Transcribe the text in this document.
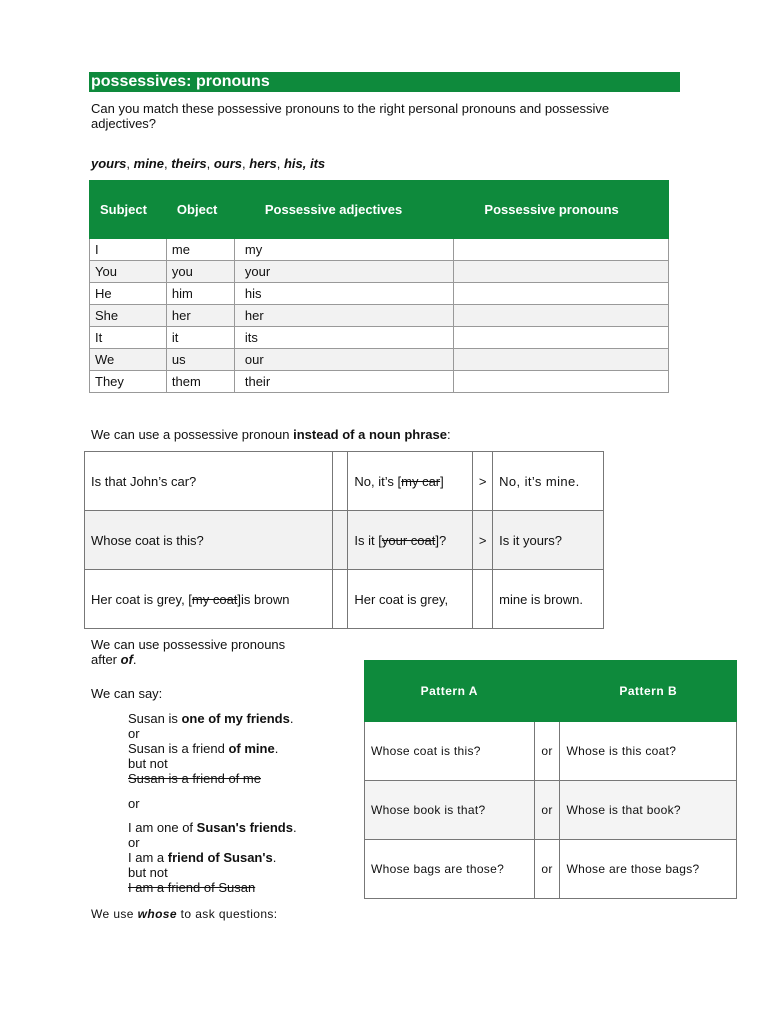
possessives: pronouns
Can you match these possessive pronouns to the right personal pronouns and possessive adjectives?
yours, mine, theirs, ours, hers, his, its
Subject	Object	Possessive adjectives	Possessive pronouns
I	me	my	
You	you	your	
He	him	his	
She	her	her	
It	it	its	
We	us	our	
They	them	their	
We can use a possessive pronoun instead of a noun phrase:
Is that John’s car?		No, it’s [my car]	>	No, it’s mine.
Whose coat is this?		Is it [your coat]?	>	Is it yours?
Her coat is grey, [my coat]is brown		Her coat is grey,		mine is brown.
We can use possessive pronouns
after of.
We can say:
Susan is one of my friends.
or
Susan is a friend of mine.
but not
Susan is a friend of me
or
I am one of Susan's friends.
or
I am a friend of Susan's.
but not
I am a friend of Susan
We use whose to ask questions:
Pattern A		Pattern B
Whose coat is this?	or	Whose is this coat?
Whose book is that?	or	Whose is that book?
Whose bags are those?	or	Whose are those bags?
